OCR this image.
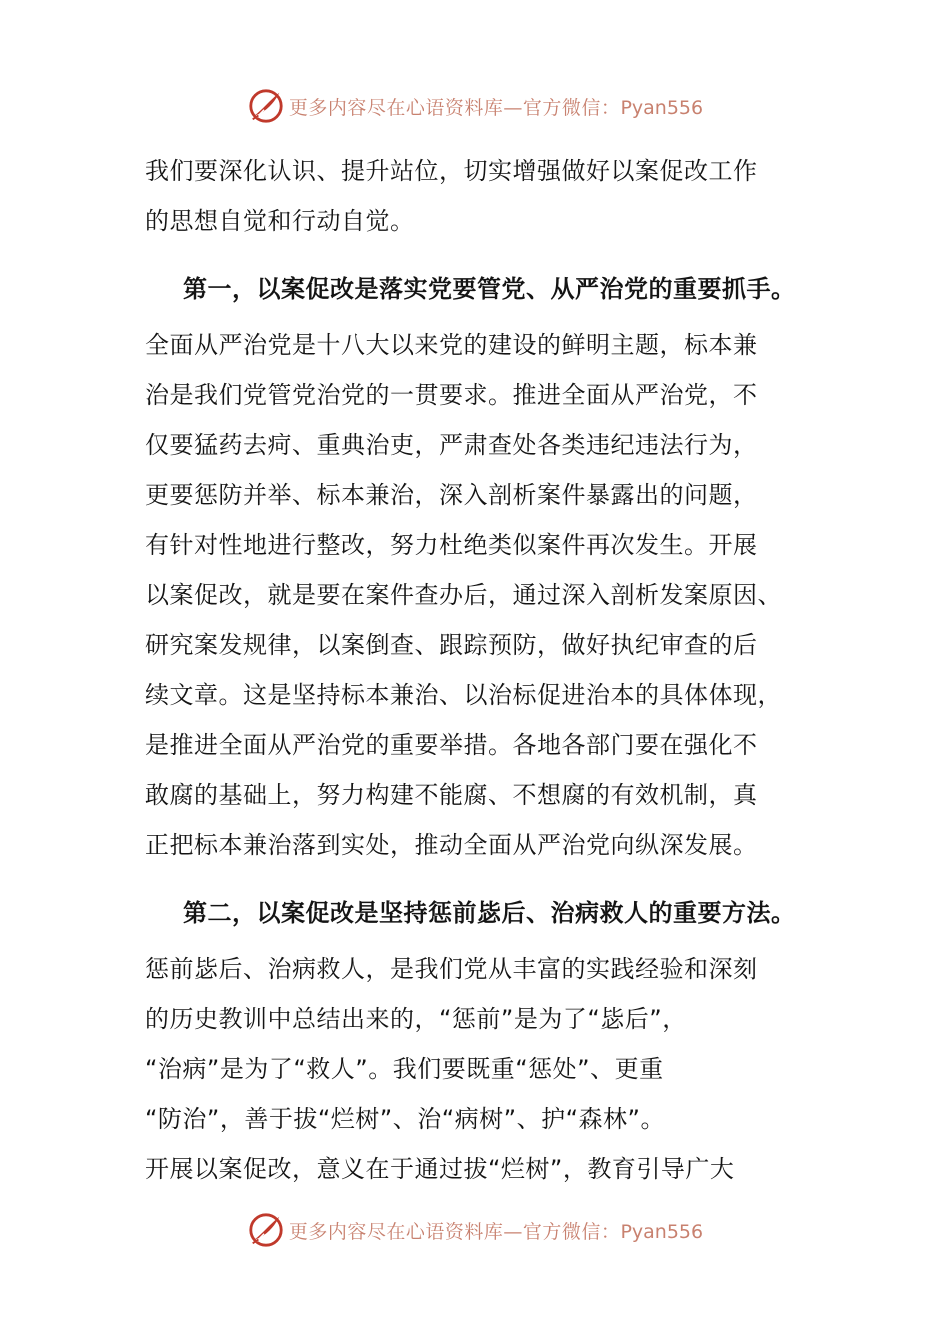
更多内容尽在心语资料库—官方微信：Pyan556
我们要深化认识、提升站位，切实增强做好以案促改工作
的思想自觉和行动自觉。
第一，以案促改是落实党要管党、从严治党的重要抓手。
全面从严治党是十八大以来党的建设的鲜明主题，标本兼
治是我们党管党治党的一贯要求。推进全面从严治党，不
仅要猛药去疴、重典治吏，严肃查处各类违纪违法行为，
更要惩防并举、标本兼治，深入剖析案件暴露出的问题，
有针对性地进行整改，努力杜绝类似案件再次发生。开展
以案促改，就是要在案件查办后，通过深入剖析发案原因、
研究案发规律，以案倒查、跟踪预防，做好执纪审查的后
续文章。这是坚持标本兼治、以治标促进治本的具体体现，
是推进全面从严治党的重要举措。各地各部门要在强化不
敢腐的基础上，努力构建不能腐、不想腐的有效机制，真
正把标本兼治落到实处，推动全面从严治党向纵深发展。
第二，以案促改是坚持惩前毖后、治病救人的重要方法。
惩前毖后、治病救人，是我们党从丰富的实践经验和深刻
的历史教训中总结出来的，“惩前”是为了“毖后”，
“治病”是为了“救人”。我们要既重“惩处”、更重
“防治”，善于拔“烂树”、治“病树”、护“森林”。
开展以案促改，意义在于通过拔“烂树”，教育引导广大
更多内容尽在心语资料库—官方微信：Pyan556
